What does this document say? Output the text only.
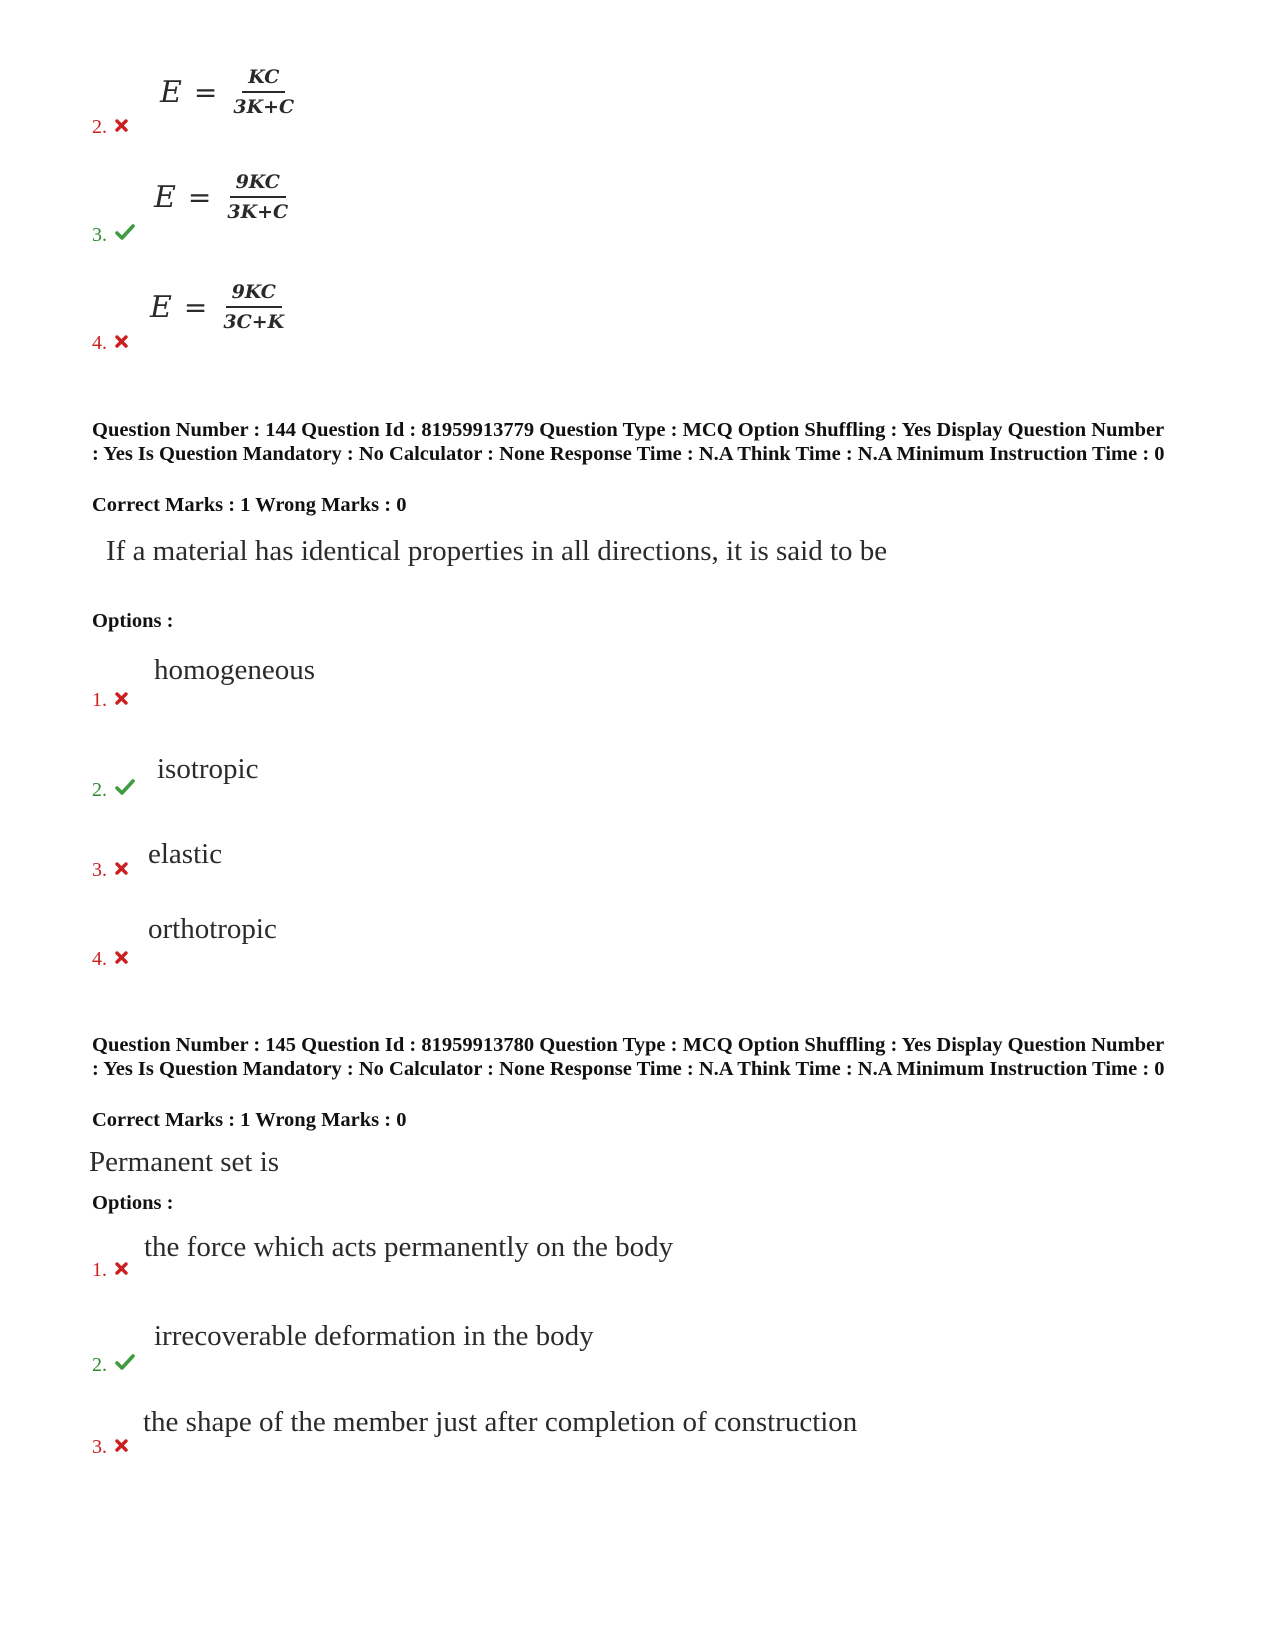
$E = \frac{KC}{3K+C}$
2.
$E = \frac{9KC}{3K+C}$
3.
$E = \frac{9KC}{3C+K}$
4.
Question Number : 144 Question Id : 81959913779 Question Type : MCQ Option Shuffling : Yes Display Question Number : Yes Is Question Mandatory : No Calculator : None Response Time : N.A Think Time : N.A Minimum Instruction Time : 0
Correct Marks : 1 Wrong Marks : 0
If a material has identical properties in all directions, it is said to be
Options :
homogeneous
1.
isotropic
2.
elastic
3.
orthotropic
4.
Question Number : 145 Question Id : 81959913780 Question Type : MCQ Option Shuffling : Yes Display Question Number : Yes Is Question Mandatory : No Calculator : None Response Time : N.A Think Time : N.A Minimum Instruction Time : 0
Correct Marks : 1 Wrong Marks : 0
Permanent set is
Options :
the force which acts permanently on the body
1.
irrecoverable deformation in the body
2.
the shape of the member just after completion of construction
3.
